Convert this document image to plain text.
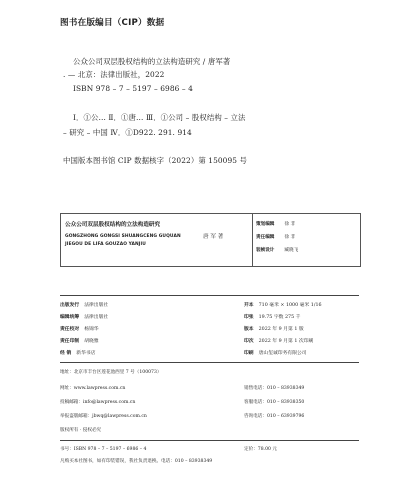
图书在版编目（CIP）数据
公众公司双层股权结构的立法构造研究 / 唐军著
. — 北京：法律出版社，2022
ISBN 978 – 7 – 5197 – 6986 – 4
Ⅰ．①公… Ⅱ．①唐… Ⅲ．①公司 – 股权结构 – 立法
– 研究 – 中国 Ⅳ．①D922. 291. 914
中国版本图书馆 CIP 数据核字（2022）第 150095 号
公众公司双层股权结构的立法构造研究
GONGZHONG GONGSI SHUANGCENG GUQUAN
JIEGOU DE LIFA GOUZAO YANJIU
唐 军 著
策划编辑 徐 非
责任编辑 徐 非
装帧设计 臧晓飞
出版发行 法律出版社
编辑统筹 法律出版社
责任校对 杨锦华
责任印制 胡晓雅
经 销 新华书店
开本 710 毫米 × 1000 毫米 1/16
印张 19.75 字数 275 千
版本 2022 年 9 月第 1 版
印次 2022 年 9 月第 1 次印刷
印刷 唐山玺诚印务有限公司
地址：北京市丰台区莲花池西里 7 号（100073）
网址：www.lawpress.com.cn	销售电话：010 – 83938349
投稿邮箱：info@lawpress.com.cn	客服电话：010 – 83938350
举报盗版邮箱：jbwq@lawpress.com.cn	咨询电话：010 – 63939796
版权所有 · 侵权必究
书号：ISBN 978 – 7 – 5197 – 6986 – 4	定价：78.00 元
凡购买本社图书，如有印装错误，我社负责退换。电话：010 – 83938349
